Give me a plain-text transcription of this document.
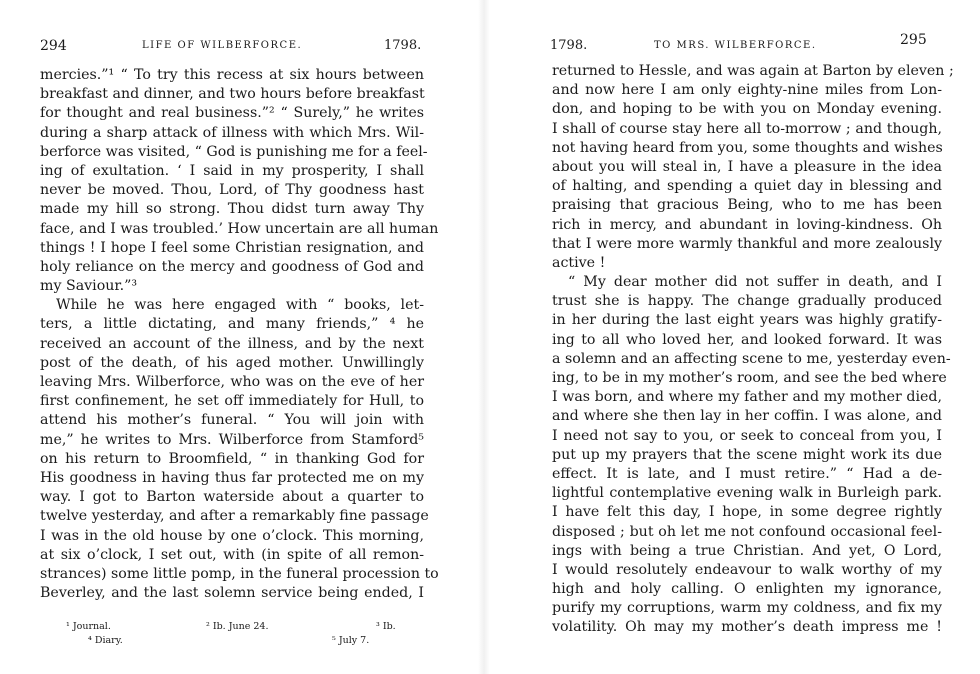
294	LIFE OF WILBERFORCE.	1798.
mercies.”¹ “ To try this recess at six hours between
breakfast and dinner, and two hours before breakfast
for thought and real business.”² “ Surely,” he writes
during a sharp attack of illness with which Mrs. Wil-
berforce was visited, “ God is punishing me for a feel-
ing of exultation. ‘ I said in my prosperity, I shall
never be moved. Thou, Lord, of Thy goodness hast
made my hill so strong. Thou didst turn away Thy
face, and I was troubled.’ How uncertain are all human
things ! I hope I feel some Christian resignation, and
holy reliance on the mercy and goodness of God and
my Saviour.”³
While he was here engaged with “ books, let-
ters, a little dictating, and many friends,” ⁴ he
received an account of the illness, and by the next
post of the death, of his aged mother. Unwillingly
leaving Mrs. Wilberforce, who was on the eve of her
first confinement, he set off immediately for Hull, to
attend his mother’s funeral. “ You will join with
me,” he writes to Mrs. Wilberforce from Stamford⁵
on his return to Broomfield, “ in thanking God for
His goodness in having thus far protected me on my
way. I got to Barton waterside about a quarter to
twelve yesterday, and after a remarkably fine passage
I was in the old house by one o’clock. This morning,
at six o’clock, I set out, with (in spite of all remon-
strances) some little pomp, in the funeral procession to
Beverley, and the last solemn service being ended, I
¹ Journal.	² Ib. June 24.	³ Ib.
⁴ Diary.	⁵ July 7.
1798.	TO MRS. WILBERFORCE.	295
returned to Hessle, and was again at Barton by eleven ;
and now here I am only eighty-nine miles from Lon-
don, and hoping to be with you on Monday evening.
I shall of course stay here all to-morrow ; and though,
not having heard from you, some thoughts and wishes
about you will steal in, I have a pleasure in the idea
of halting, and spending a quiet day in blessing and
praising that gracious Being, who to me has been
rich in mercy, and abundant in loving-kindness. Oh
that I were more warmly thankful and more zealously
active !
“ My dear mother did not suffer in death, and I
trust she is happy. The change gradually produced
in her during the last eight years was highly gratify-
ing to all who loved her, and looked forward. It was
a solemn and an affecting scene to me, yesterday even-
ing, to be in my mother’s room, and see the bed where
I was born, and where my father and my mother died,
and where she then lay in her coffin. I was alone, and
I need not say to you, or seek to conceal from you, I
put up my prayers that the scene might work its due
effect. It is late, and I must retire.” “ Had a de-
lightful contemplative evening walk in Burleigh park.
I have felt this day, I hope, in some degree rightly
disposed ; but oh let me not confound occasional feel-
ings with being a true Christian. And yet, O Lord,
I would resolutely endeavour to walk worthy of my
high and holy calling. O enlighten my ignorance,
purify my corruptions, warm my coldness, and fix my
volatility. Oh may my mother’s death impress me !
